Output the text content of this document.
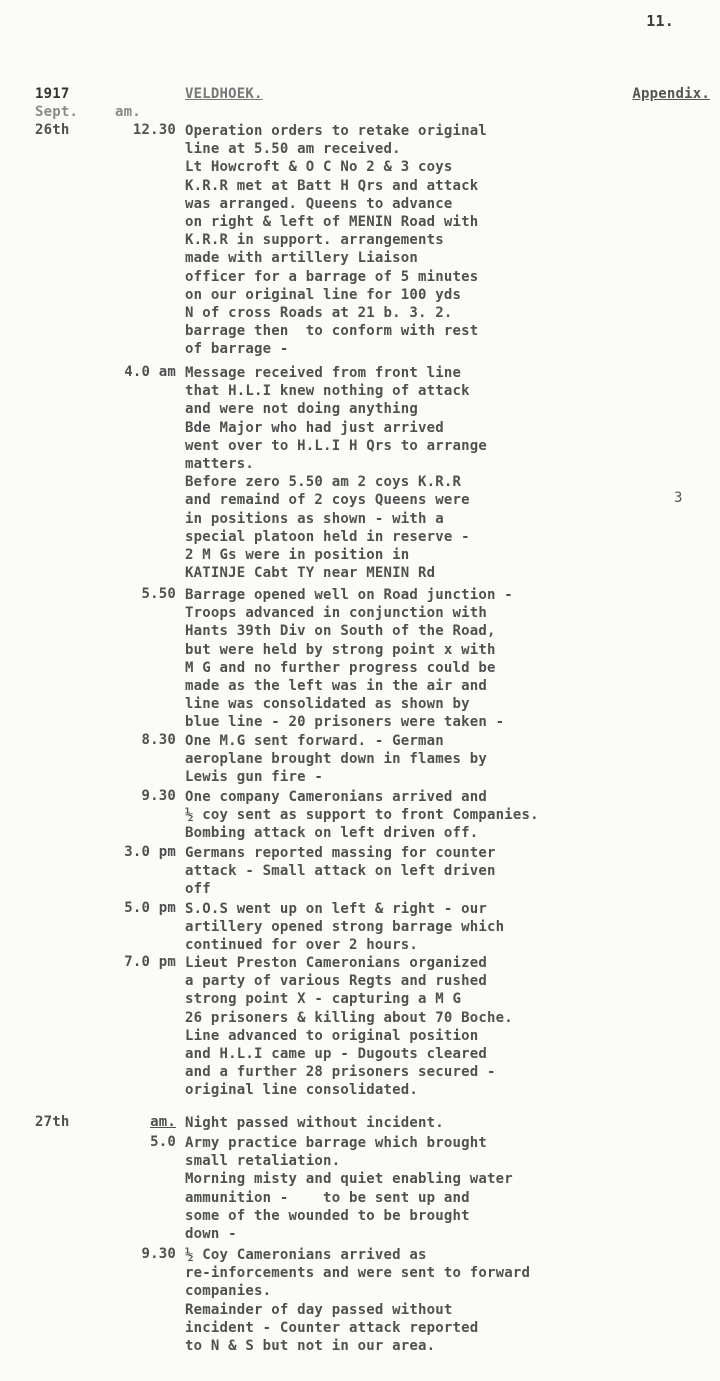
11.
1917	VELDHOEK.	Appendix.
Sept.	am.
3
26th	12.30 Operation orders to retake original
line at 5.50 am received.
Lt Howcroft & O C No 2 & 3 coys
K.R.R met at Batt H Qrs and attack
was arranged. Queens to advance
on right & left of MENIN Road with
K.R.R in support. arrangements
made with artillery Liaison
officer for a barrage of 5 minutes
on our original line for 100 yds
N of cross Roads at 21 b. 3. 2.
barrage then  to conform with rest
of barrage -
4.0 am Message received from front line
that H.L.I knew nothing of attack
and were not doing anything
Bde Major who had just arrived
went over to H.L.I H Qrs to arrange
matters.
Before zero 5.50 am 2 coys K.R.R
and remaind of 2 coys Queens were
in positions as shown - with a
special platoon held in reserve -
2 M Gs were in position in
KATINJE Cabt TY near MENIN Rd
5.50 Barrage opened well on Road junction -
Troops advanced in conjunction with
Hants 39th Div on South of the Road,
but were held by strong point x with
M G and no further progress could be
made as the left was in the air and
line was consolidated as shown by
blue line - 20 prisoners were taken -
8.30 One M.G sent forward. - German
aeroplane brought down in flames by
Lewis gun fire -
9.30 One company Cameronians arrived and
½ coy sent as support to front Companies.
Bombing attack on left driven off.
3.0 pm Germans reported massing for counter
attack - Small attack on left driven
off
5.0 pm S.O.S went up on left & right - our
artillery opened strong barrage which
continued for over 2 hours.
7.0 pm Lieut Preston Cameronians organized
a party of various Regts and rushed
strong point X - capturing a M G
26 prisoners & killing about 70 Boche.
Line advanced to original position
and H.L.I came up - Dugouts cleared
and a further 28 prisoners secured -
original line consolidated.
27th	am. Night passed without incident.
5.0 Army practice barrage which brought
small retaliation.
Morning misty and quiet enabling water
ammunition -    to be sent up and
some of the wounded to be brought
down -
9.30 ½ Coy Cameronians arrived as
re-inforcements and were sent to forward
companies.
Remainder of day passed without
incident - Counter attack reported
to N & S but not in our area.
